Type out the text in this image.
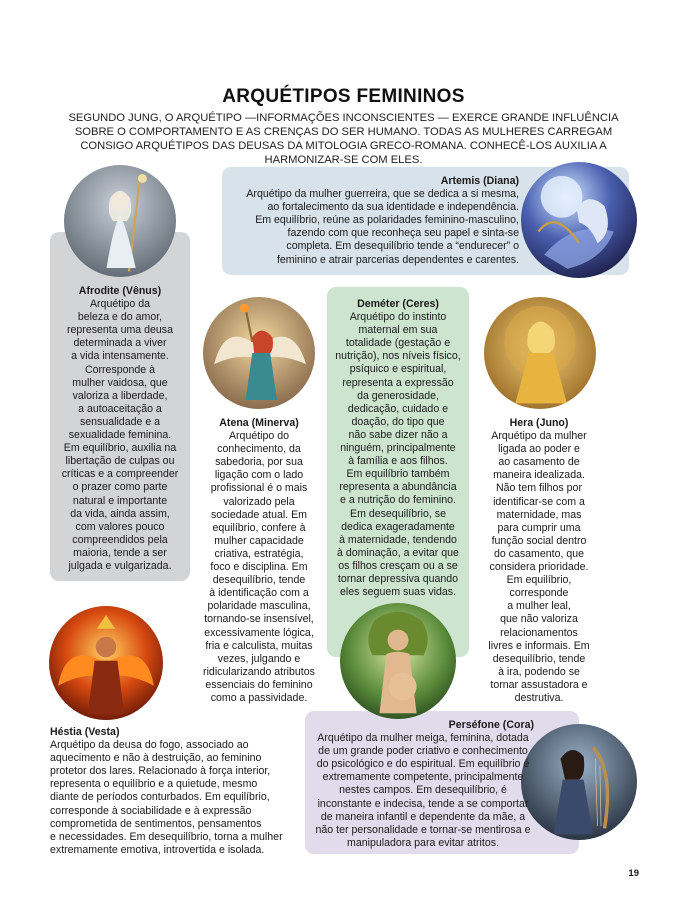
ARQUÉTIPOS FEMININOS
SEGUNDO JUNG, O ARQUÉTIPO —INFORMAÇÕES INCONSCIENTES — EXERCE GRANDE INFLUÊNCIA SOBRE O COMPORTAMENTO E AS CRENÇAS DO SER HUMANO. TODAS AS MULHERES CARREGAM CONSIGO ARQUÉTIPOS DAS DEUSAS DA MITOLOGIA GRECO-ROMANA. CONHECÊ-LOS AUXILIA A HARMONIZAR-SE COM ELES.
Artemis (Diana)
Arquétipo da mulher guerreira, que se dedica a si mesma,
ao fortalecimento da sua identidade e independência.
Em equilíbrio, reúne as polaridades feminino-masculino,
fazendo com que reconheça seu papel e sinta-se
completa. Em desequilíbrio tende a “endurecer” o
feminino e atrair parcerias dependentes e carentes.
Afrodite (Vênus)
Arquétipo da
beleza e do amor,
representa uma deusa
determinada a viver
a vida intensamente.
Corresponde à
mulher vaidosa, que
valoriza a liberdade,
a autoaceitação a
sensualidade e a
sexualidade feminina.
Em equilíbrio, auxilia na
libertação de culpas ou
críticas e a compreender
o prazer como parte
natural e importante
da vida, ainda assim,
com valores pouco
compreendidos pela
maioria, tende a ser
julgada e vulgarizada.
Atena (Minerva)
Arquétipo do
conhecimento, da
sabedoria, por sua
ligação com o lado
profissional é o mais
valorizado pela
sociedade atual. Em
equilíbrio, confere à
mulher capacidade
criativa, estratégia,
foco e disciplina. Em
desequilíbrio, tende
à identificação com a
polaridade masculina,
tornando-se insensível,
excessivamente lógica,
fria e calculista, muitas
vezes, julgando e
ridicularizando atributos
essenciais do feminino
como a passividade.
Deméter (Ceres)
Arquétipo do instinto
maternal em sua
totalidade (gestação e
nutrição), nos níveis físico,
psíquico e espiritual,
representa a expressão
da generosidade,
dedicação, cuidado e
doação, do tipo que
não sabe dizer não a
ninguém, principalmente
à família e aos filhos.
Em equilíbrio também
representa a abundância
e a nutrição do feminino.
Em desequilíbrio, se
dedica exageradamente
à maternidade, tendendo
à dominação, a evitar que
os filhos cresçam ou a se
tornar depressiva quando
eles seguem suas vidas.
Hera (Juno)
Arquétipo da mulher
ligada ao poder e
ao casamento de
maneira idealizada.
Não tem filhos por
identificar-se com a
maternidade, mas
para cumprir uma
função social dentro
do casamento, que
considera prioridade.
Em equilíbrio,
corresponde
a mulher leal,
que não valoriza
relacionamentos
livres e informais. Em
desequilíbrio, tende
à ira, podendo se
tornar assustadora e
destrutiva.
Héstia (Vesta)
Arquétipo da deusa do fogo, associado ao
aquecimento e não à destruição, ao feminino
protetor dos lares. Relacionado à força interior,
representa o equilíbrio e a quietude, mesmo
diante de períodos conturbados. Em equilíbrio,
corresponde à sociabilidade e à expressão
comprometida de sentimentos, pensamentos
e necessidades. Em desequilíbrio, torna a mulher
extremamente emotiva, introvertida e isolada.
Perséfone (Cora)
Arquétipo da mulher meiga, feminina, dotada
de um grande poder criativo e conhecimento
do psicológico e do espiritual. Em equilíbrio é
extremamente competente, principalmente
nestes campos. Em desequilíbrio, é
inconstante e indecisa, tende a se comportar
de maneira infantil e dependente da mãe, a
não ter personalidade e tornar-se mentirosa e
manipuladora para evitar atritos.
19
